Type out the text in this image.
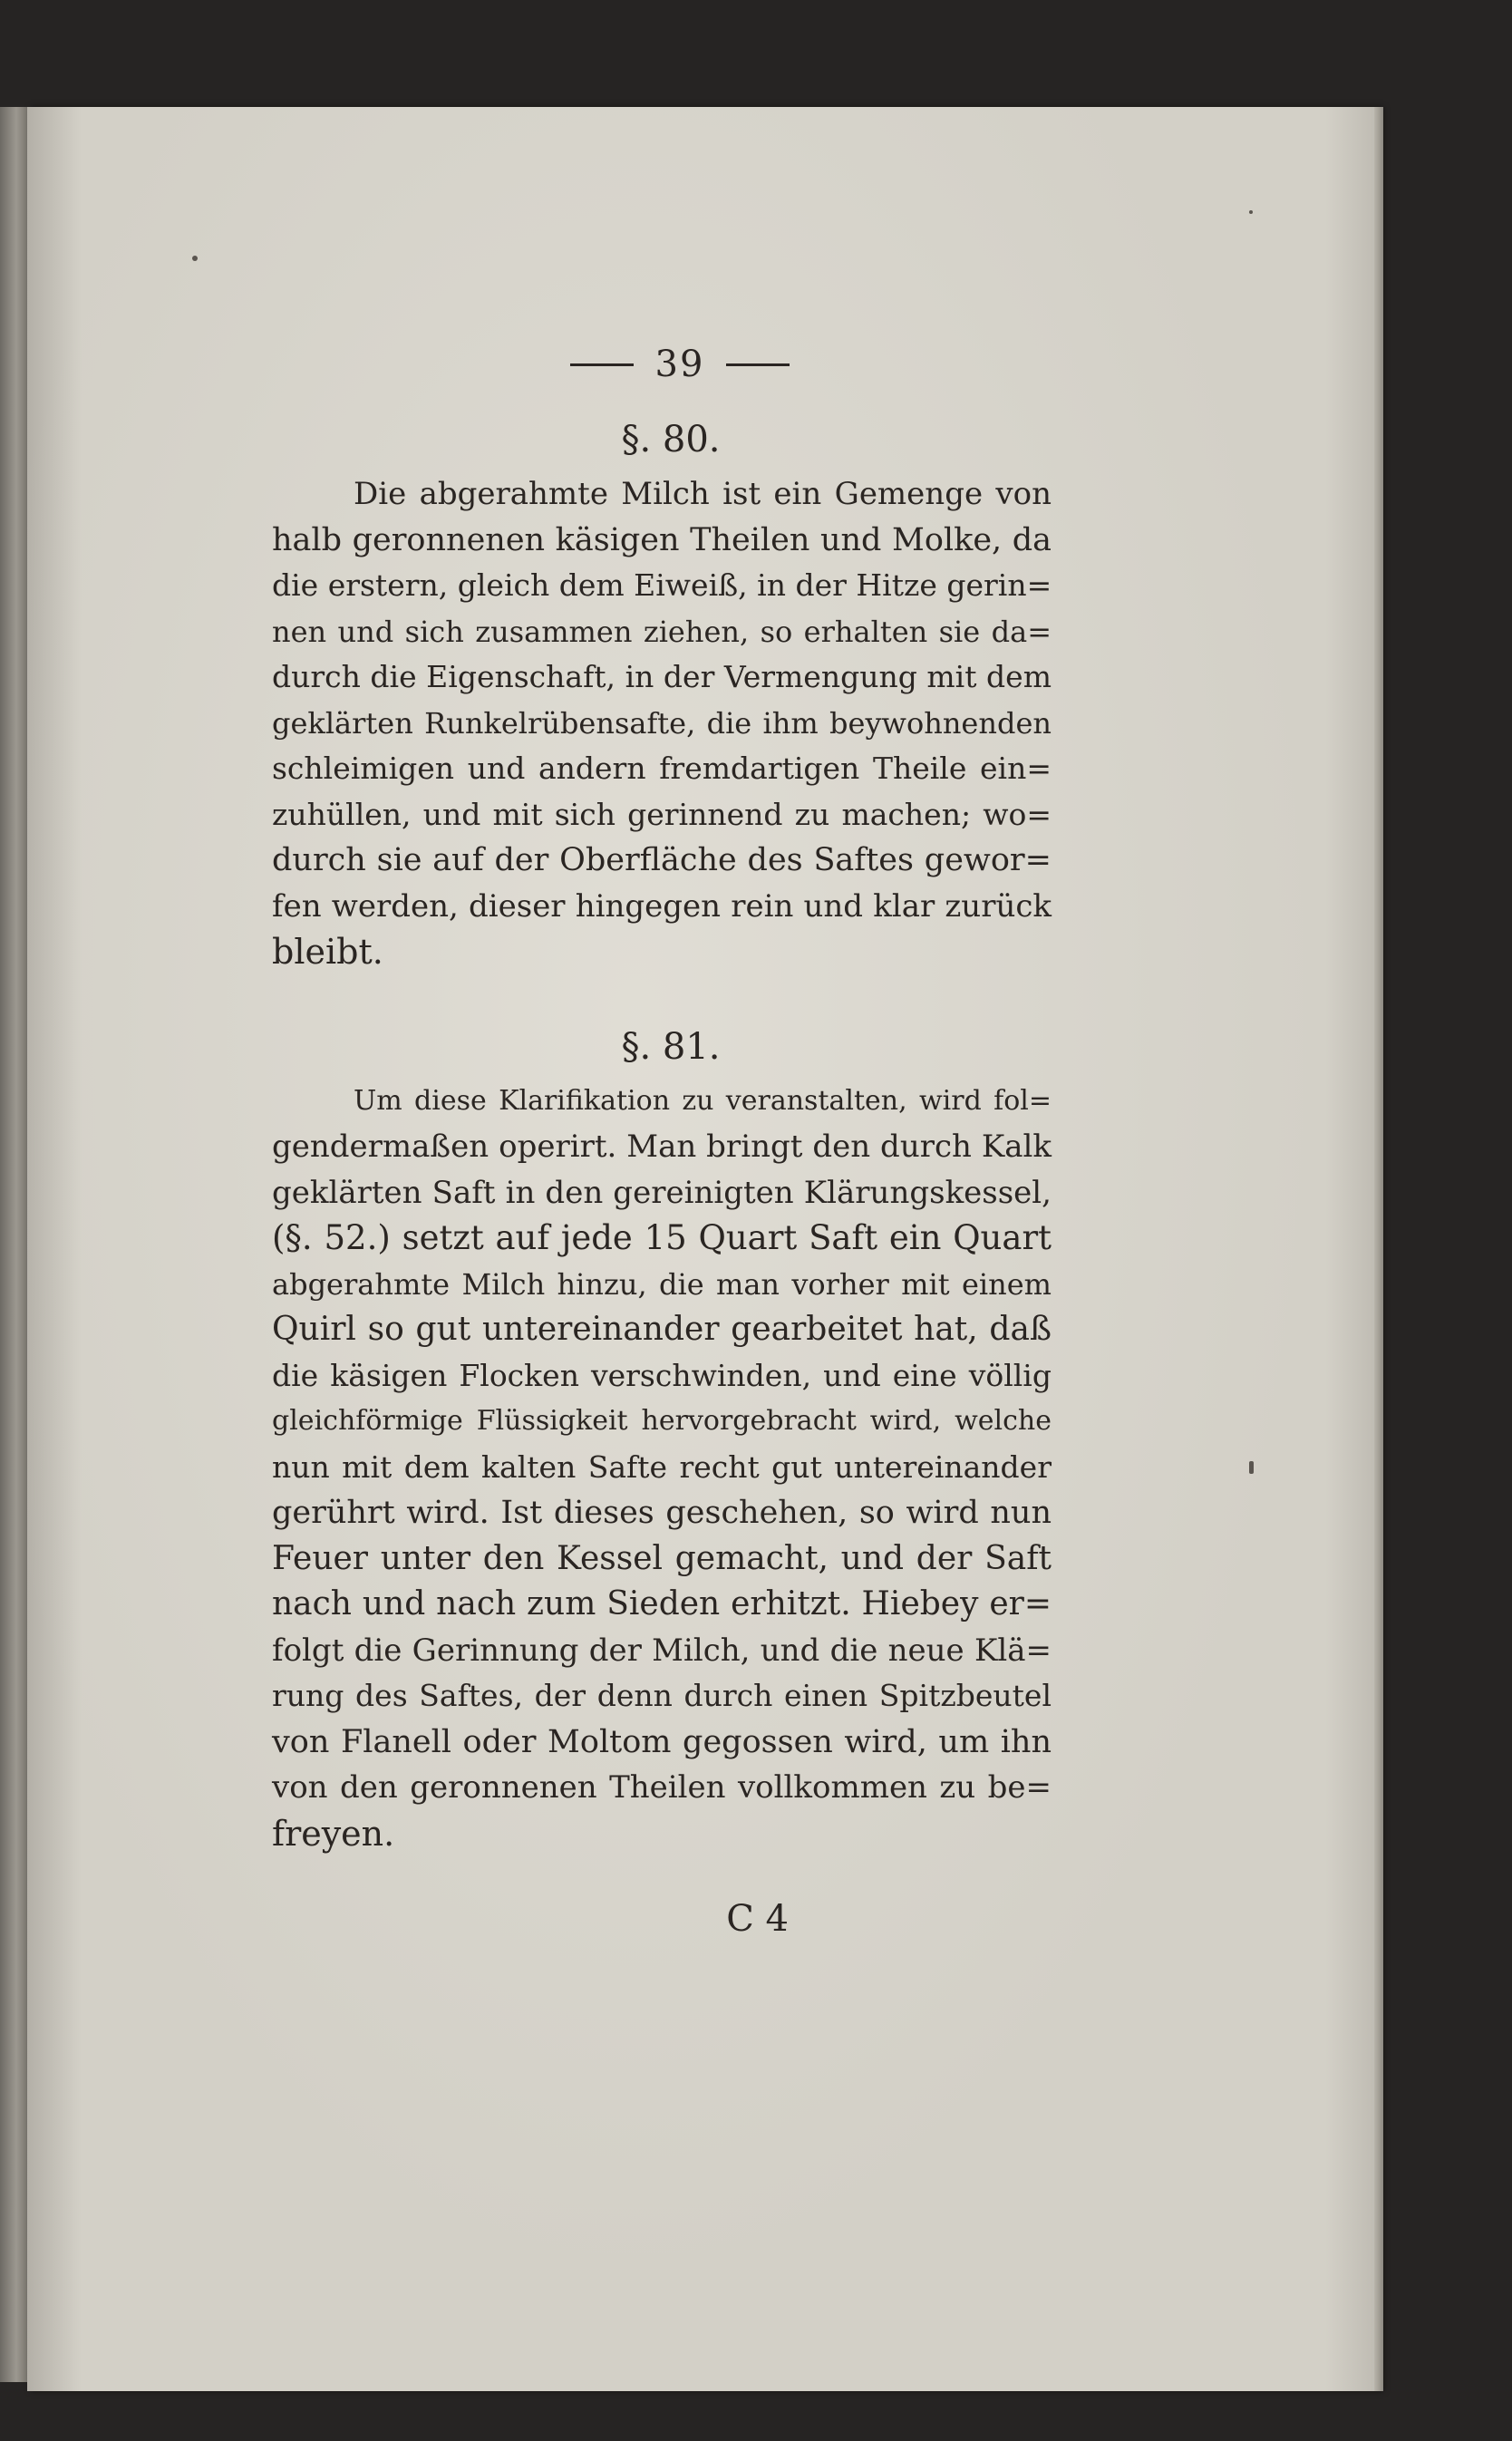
39
§. 80.
Die abgerahmte Milch ist ein Gemenge von
halb geronnenen käsigen Theilen und Molke, da
die erstern, gleich dem Eiweiß, in der Hitze gerin=
nen und sich zusammen ziehen, so erhalten sie da=
durch die Eigenschaft, in der Vermengung mit dem
geklärten Runkelrübensafte, die ihm beywohnenden
schleimigen und andern fremdartigen Theile ein=
zuhüllen, und mit sich gerinnend zu machen; wo=
durch sie auf der Oberfläche des Saftes gewor=
fen werden, dieser hingegen rein und klar zurück
bleibt.
§. 81.
Um diese Klarifikation zu veranstalten, wird fol=
gendermaßen operirt. Man bringt den durch Kalk
geklärten Saft in den gereinigten Klärungskessel,
(§. 52.) setzt auf jede 15 Quart Saft ein Quart
abgerahmte Milch hinzu, die man vorher mit einem
Quirl so gut untereinander gearbeitet hat, daß
die käsigen Flocken verschwinden, und eine völlig
gleichförmige Flüssigkeit hervorgebracht wird, welche
nun mit dem kalten Safte recht gut untereinander
gerührt wird. Ist dieses geschehen, so wird nun
Feuer unter den Kessel gemacht, und der Saft
nach und nach zum Sieden erhitzt. Hiebey er=
folgt die Gerinnung der Milch, und die neue Klä=
rung des Saftes, der denn durch einen Spitzbeutel
von Flanell oder Moltom gegossen wird, um ihn
von den geronnenen Theilen vollkommen zu be=
freyen.
C 4
